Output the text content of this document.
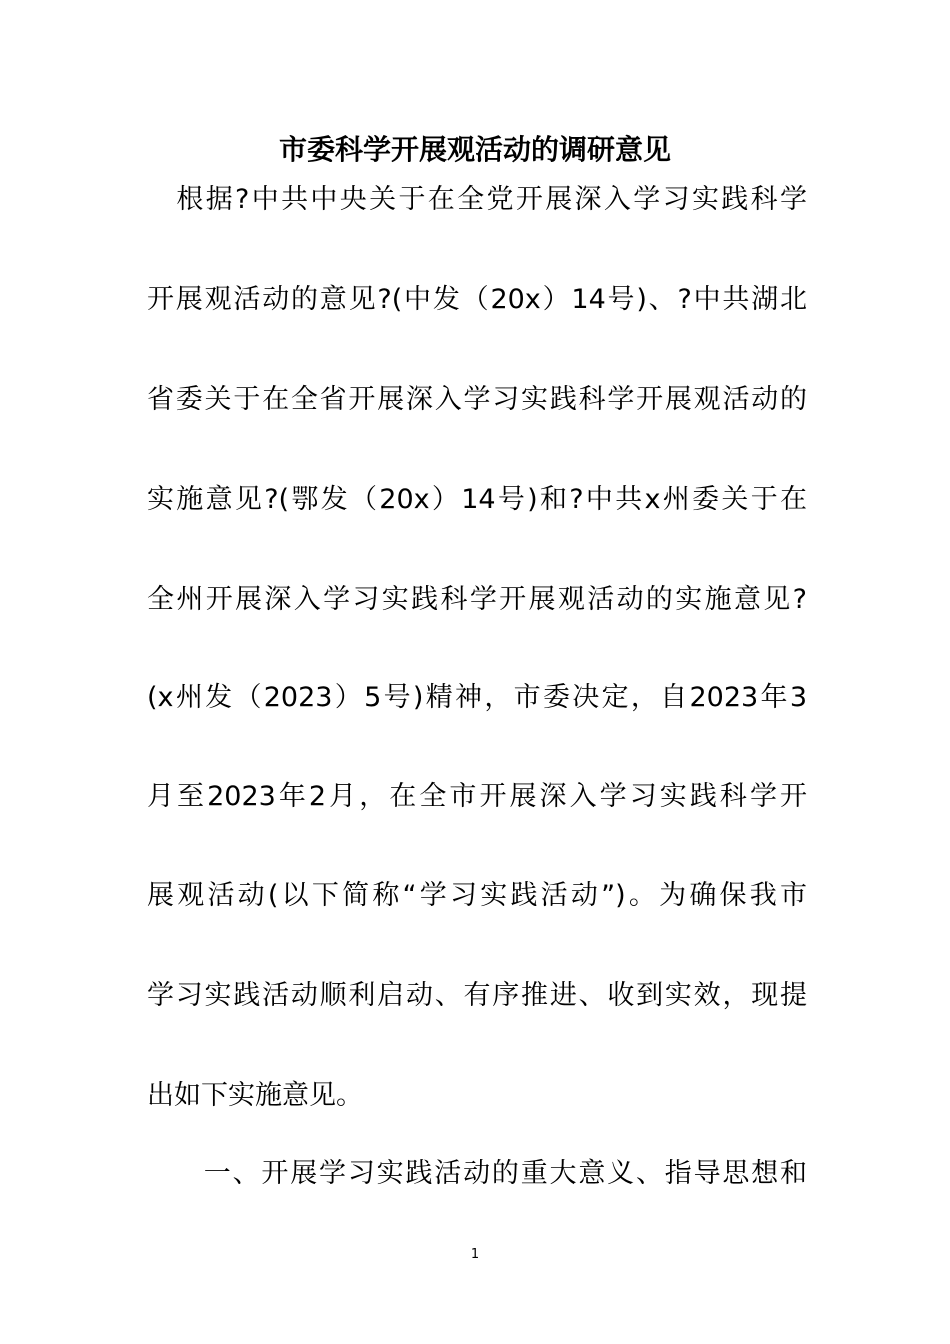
市委科学开展观活动的调研意见
　根据?中共中央关于在全党开展深入学习实践科学
开展观活动的意见?(中发（20x）14号)、?中共湖北
省委关于在全省开展深入学习实践科学开展观活动的
实施意见?(鄂发（20x）14号)和?中共x州委关于在
全州开展深入学习实践科学开展观活动的实施意见?
(x州发（2023）5号)精神，市委决定，自2023年3
月至2023年2月，在全市开展深入学习实践科学开
展观活动(以下简称“学习实践活动”)。为确保我市
学习实践活动顺利启动、有序推进、收到实效，现提
出如下实施意见。
　一、开展学习实践活动的重大意义、指导思想和
1
